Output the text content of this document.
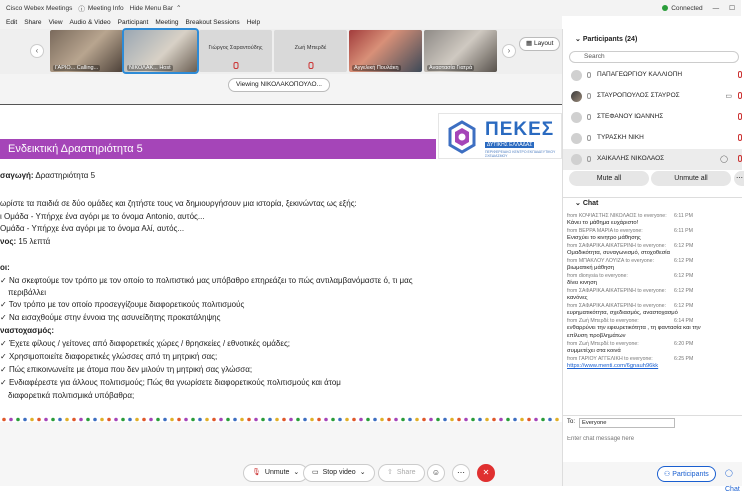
Cisco Webex Meetings ⓘ Meeting Info Hide Menu Bar ⌃	Connected — ☐
Edit Share View Audio & Video Participant Meeting Breakout Sessions Help
‹
ΓΑΡΙΟ... Calling...	ΝΙΚΟΛΑΚ... Host
Γιώργος Σαραντούδης	Ζωή Μπερδέ
Αγγελική Πουλάκη	Αναστασία Γιατρά
›
▦ Layout
Viewing ΝΙΚΟΛΑΚΟΠΟΥΛΟ...
ΠΕΚΕΣ
ΔΥΤΙΚΗΣ ΕΛΛΑΔΑΣ
ΠΕΡΙΦΕΡΕΙΑΚΟ ΚΕΝΤΡΟ ΕΚΠΑΙΔΕΥΤΙΚΟΥ ΣΧΕΔΙΑΣΜΟΥ
Ενδεικτική Δραστηριότητα 5
σαγωγή: Δραστηριότητα 5
ωρίστε τα παιδιά σε δύο ομάδες και ζητήστε τους να δημιουργήσουν μια ιστορία, ξεκινώντας ως εξής:
ι Ομάδα - Υπήρχε ένα αγόρι με το όνομα Antonio, αυτός...
Ομάδα - Υπήρχε ένα αγόρι με το όνομα Αλί, αυτός...
νος: 15 λεπτά
οι:
✓ Να σκεφτούμε τον τρόπο με τον οποίο το πολιτιστικό μας υπόβαθρο επηρεάζει το πώς αντιλαμβανόμαστε ό, τι μας
περιβάλλει
✓ Τον τρόπο με τον οποίο προσεγγίζουμε διαφορετικούς πολιτισμούς
✓ Να εισαχθούμε στην έννοια της ασυνείδητης προκατάληψης
ναστοχασμός:
✓ Έχετε φίλους / γείτονες από διαφορετικές χώρες / θρησκείες / εθνοτικές ομάδες;
✓ Χρησιμοποιείτε διαφορετικές γλώσσες από τη μητρική σας;
✓ Πώς επικοινωνείτε με άτομα που δεν μιλούν τη μητρική σας γλώσσα;
✓ Ενδιαφέρεστε για άλλους πολιτισμούς; Πώς θα γνωρίσετε διαφορετικούς πολιτισμούς και άτομ
διαφορετικά πολιτισμικά υπόβαθρα;
🎙 Unmute ⌄ ▭ Stop video ⌄	⇧ Share	☺	⋯	✕
⌄ Participants (24)
Search
ΠΑΠΑΓΕΩΡΓΙΟΥ ΚΑΛΛΙΟΠΗ
ΣΤΑΥΡΟΠΟΥΛΟΣ ΣΤΑΥΡΟΣ	▭
ΣΤΕΦΑΝΟΥ ΙΩΑΝΝΗΣ
ΤΥΡΑΣΚΗ ΝΙΚΗ
ΧΑΙΚΑΛΗΣ ΝΙΚΟΛΑΟΣ	◯
Mute all	Unmute all	⋯
⌄ Chat
from ΚΟΨΙΑΣΤΗΣ ΝΙΚΟΛΑΟΣ to everyone: 6:11 PM
Κάνει το μάθημα ευχάριστο!
from ΒΕΡΡΑ ΜΑΡΙΑ to everyone:	6:11 PM
Ενισχύει το κινητρο μάθησης
from ΣΑΦΑΡΙΚΑ ΑΙΚΑΤΕΡΙΝΗ to everyone: 6:12 PM
Ομαδικότητα, συναγωνισμό, στοχοθεσία
from ΜΠΑΚΛΟΥ ΛΟΥΙΖΑ to everyone:	6:12 PM
βιωματική μάθηση
from dionysia to everyone:	6:12 PM
δίνει κινηση
from ΣΑΦΑΡΙΚΑ ΑΙΚΑΤΕΡΙΝΗ to everyone: 6:12 PM
κανόνες
from ΣΑΦΑΡΙΚΑ ΑΙΚΑΤΕΡΙΝΗ to everyone: 6:12 PM
ευρηματικότητα, σχεδιασμός, αναστοχασμό
from Ζωή Μπερδέ to everyone:	6:14 PM
ενθαρρύνει την εφευρετικότητα , τη φαντασία και την
επίλυση προβλημάτων
from Ζωή Μπερδέ to everyone:	6:20 PM
συμμετέχει στα κοινά
from ΓΑΡΙΟΥ ΑΓΓΕΛΙΚΗ to everyone:	6:25 PM
https://www.menti.com/6gnauh96kk
To:	Everyone
Enter chat message here
⚇ Participants	◯ Chat
